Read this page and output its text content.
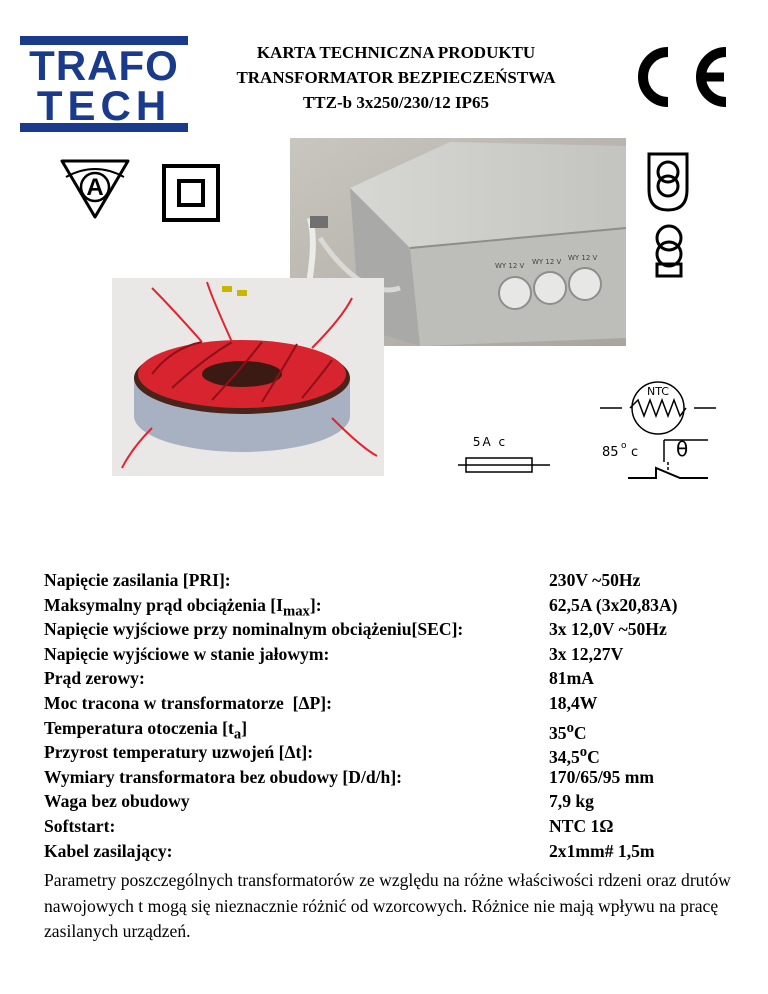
TRAFO
TECH
KARTA TECHNICZNA PRODUKTU
TRANSFORMATOR BEZPIECZEŃSTWA
TTZ-b 3x250/230/12 IP65
A
WY 12 V WY 12 V WY 12 V
NTC
5A c
85 o c θ
Napięcie zasilania [PRI]:	230V ~50Hz
Maksymalny prąd obciążenia $[I_{max}]$:	62,5A (3x20,83A)
Napięcie wyjściowe przy nominalnym obciążeniu[SEC]:	3x 12,0V ~50Hz
Napięcie wyjściowe w stanie jałowym:	3x 12,27V
Prąd zerowy:	81mA
Moc tracona w transformatorze  [ΔP]:	18,4W
Temperatura otoczenia $[t_a]$	35$^o$C
Przyrost temperatury uzwojeń [Δt]:	34,5$^o$C
Wymiary transformatora bez obudowy [D/d/h]:	170/65/95 mm
Waga bez obudowy	7,9 kg
Softstart:	NTC 1Ω
Kabel zasilający:	2x1mm# 1,5m
Parametry poszczególnych transformatorów ze względu na różne właściwości rdzeni oraz drutów nawojowych t mogą się nieznacznie różnić od wzorcowych. Różnice nie mają wpływu na pracę zasilanych urządzeń.
